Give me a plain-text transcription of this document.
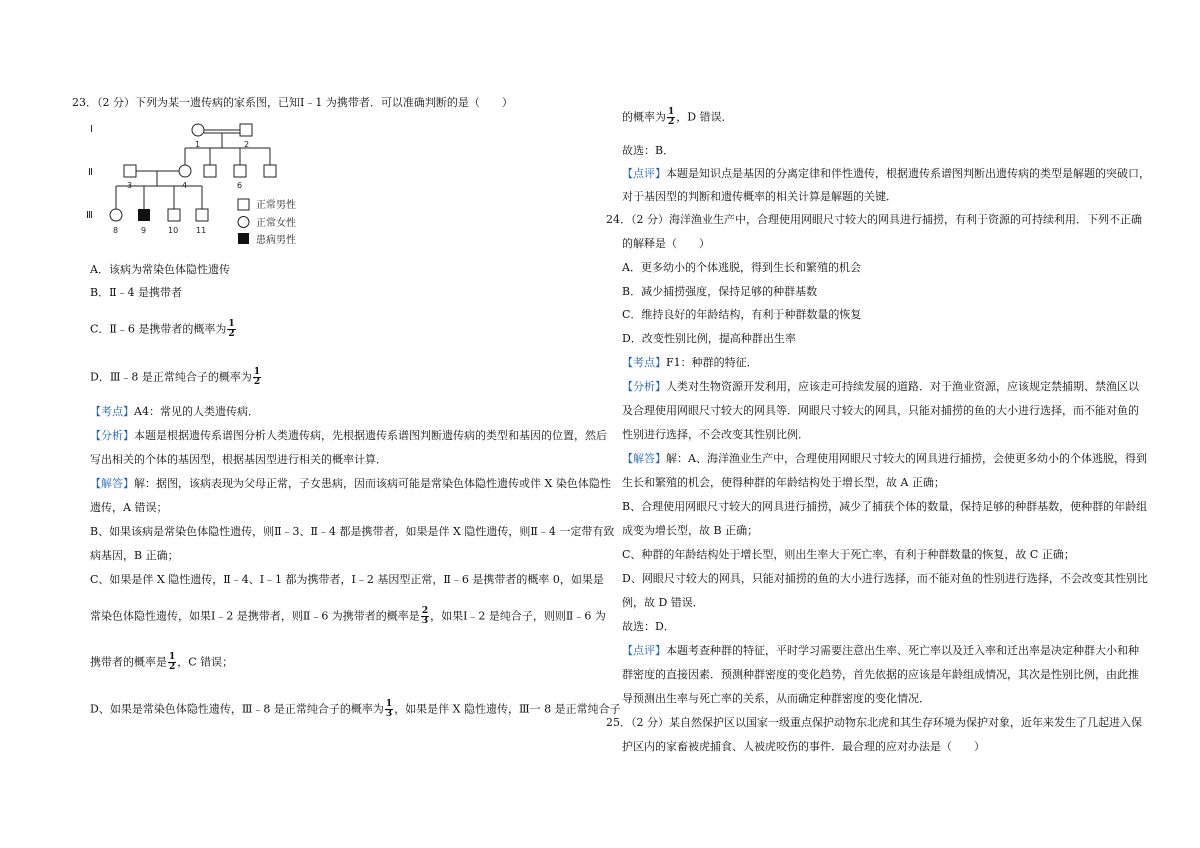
23．（2 分）下列为某一遗传病的家系图，已知Ⅰ﹣1 为携带者．可以准确判断的是（　　）
Ⅰ
Ⅱ
Ⅲ
1	2
3	4	6
8	9	10 11
正常男性
正常女性
患病男性
A．该病为常染色体隐性遗传
B．Ⅱ﹣4 是携带者
C．Ⅱ﹣6 是携带者的概率为 $\frac{1}{2}$
D．Ⅲ﹣8 是正常纯合子的概率为 $\frac{1}{2}$
【考点】A4：常见的人类遗传病．
【分析】本题是根据遗传系谱图分析人类遗传病，先根据遗传系谱图判断遗传病的类型和基因的位置，然后
写出相关的个体的基因型，根据基因型进行相关的概率计算．
【解答】解：据图，该病表现为父母正常，子女患病，因而该病可能是常染色体隐性遗传或伴 X 染色体隐性
遗传，A 错误；
B、如果该病是常染色体隐性遗传，则Ⅱ﹣3、Ⅱ﹣4 都是携带者，如果是伴 X 隐性遗传，则Ⅱ﹣4 一定带有致
病基因，B 正确；
C、如果是伴 X 隐性遗传，Ⅱ﹣4、Ⅰ﹣1 都为携带者，Ⅰ﹣2 基因型正常，Ⅱ﹣6 是携带者的概率 0，如果是
常染色体隐性遗传，如果Ⅰ﹣2 是携带者，则Ⅱ﹣6 为携带者的概率是 $\frac{2}{3}$ ，如果Ⅰ﹣2 是纯合子，则则Ⅱ﹣6 为
携带者的概率是 $\frac{1}{2}$ ，C 错误；
D、如果是常染色体隐性遗传，Ⅲ﹣8 是正常纯合子的概率为 $\frac{1}{3}$ ，如果是伴 X 隐性遗传，Ⅲ一 8 是正常纯合子
的概率为 $\frac{1}{2}$ ，D 错误．
故选：B．
【点评】本题是知识点是基因的分离定律和伴性遗传，根据遗传系谱图判断出遗传病的类型是解题的突破口，
对于基因型的判断和遗传概率的相关计算是解题的关键．
24．（2 分）海洋渔业生产中，合理使用网眼尺寸较大的网具进行捕捞，有利于资源的可持续利用．下列不正确
的解释是（　　）
A．更多幼小的个体逃脱，得到生长和繁殖的机会
B．减少捕捞强度，保持足够的种群基数
C．维持良好的年龄结构，有利于种群数量的恢复
D．改变性别比例，提高种群出生率
【考点】F1：种群的特征．
【分析】人类对生物资源开发利用，应该走可持续发展的道路．对于渔业资源，应该规定禁捕期、禁渔区以
及合理使用网眼尺寸较大的网具等．网眼尺寸较大的网具，只能对捕捞的鱼的大小进行选择，而不能对鱼的
性别进行选择，不会改变其性别比例．
【解答】解：A、海洋渔业生产中，合理使用网眼尺寸较大的网具进行捕捞，会使更多幼小的个体逃脱，得到
生长和繁殖的机会，使得种群的年龄结构处于增长型，故 A 正确；
B、合理使用网眼尺寸较大的网具进行捕捞，减少了捕获个体的数量，保持足够的种群基数，使种群的年龄组
成变为增长型，故 B 正确；
C、种群的年龄结构处于增长型，则出生率大于死亡率，有利于种群数量的恢复，故 C 正确；
D、网眼尺寸较大的网具，只能对捕捞的鱼的大小进行选择，而不能对鱼的性别进行选择，不会改变其性别比
例，故 D 错误．
故选：D．
【点评】本题考查种群的特征，平时学习需要注意出生率、死亡率以及迁入率和迁出率是决定种群大小和种
群密度的直接因素．预测种群密度的变化趋势，首先依据的应该是年龄组成情况，其次是性别比例，由此推
导预测出生率与死亡率的关系，从而确定种群密度的变化情况．
25．（2 分）某自然保护区以国家一级重点保护动物东北虎和其生存环境为保护对象，近年来发生了几起进入保
护区内的家畜被虎捕食、人被虎咬伤的事件．最合理的应对办法是（　　）
